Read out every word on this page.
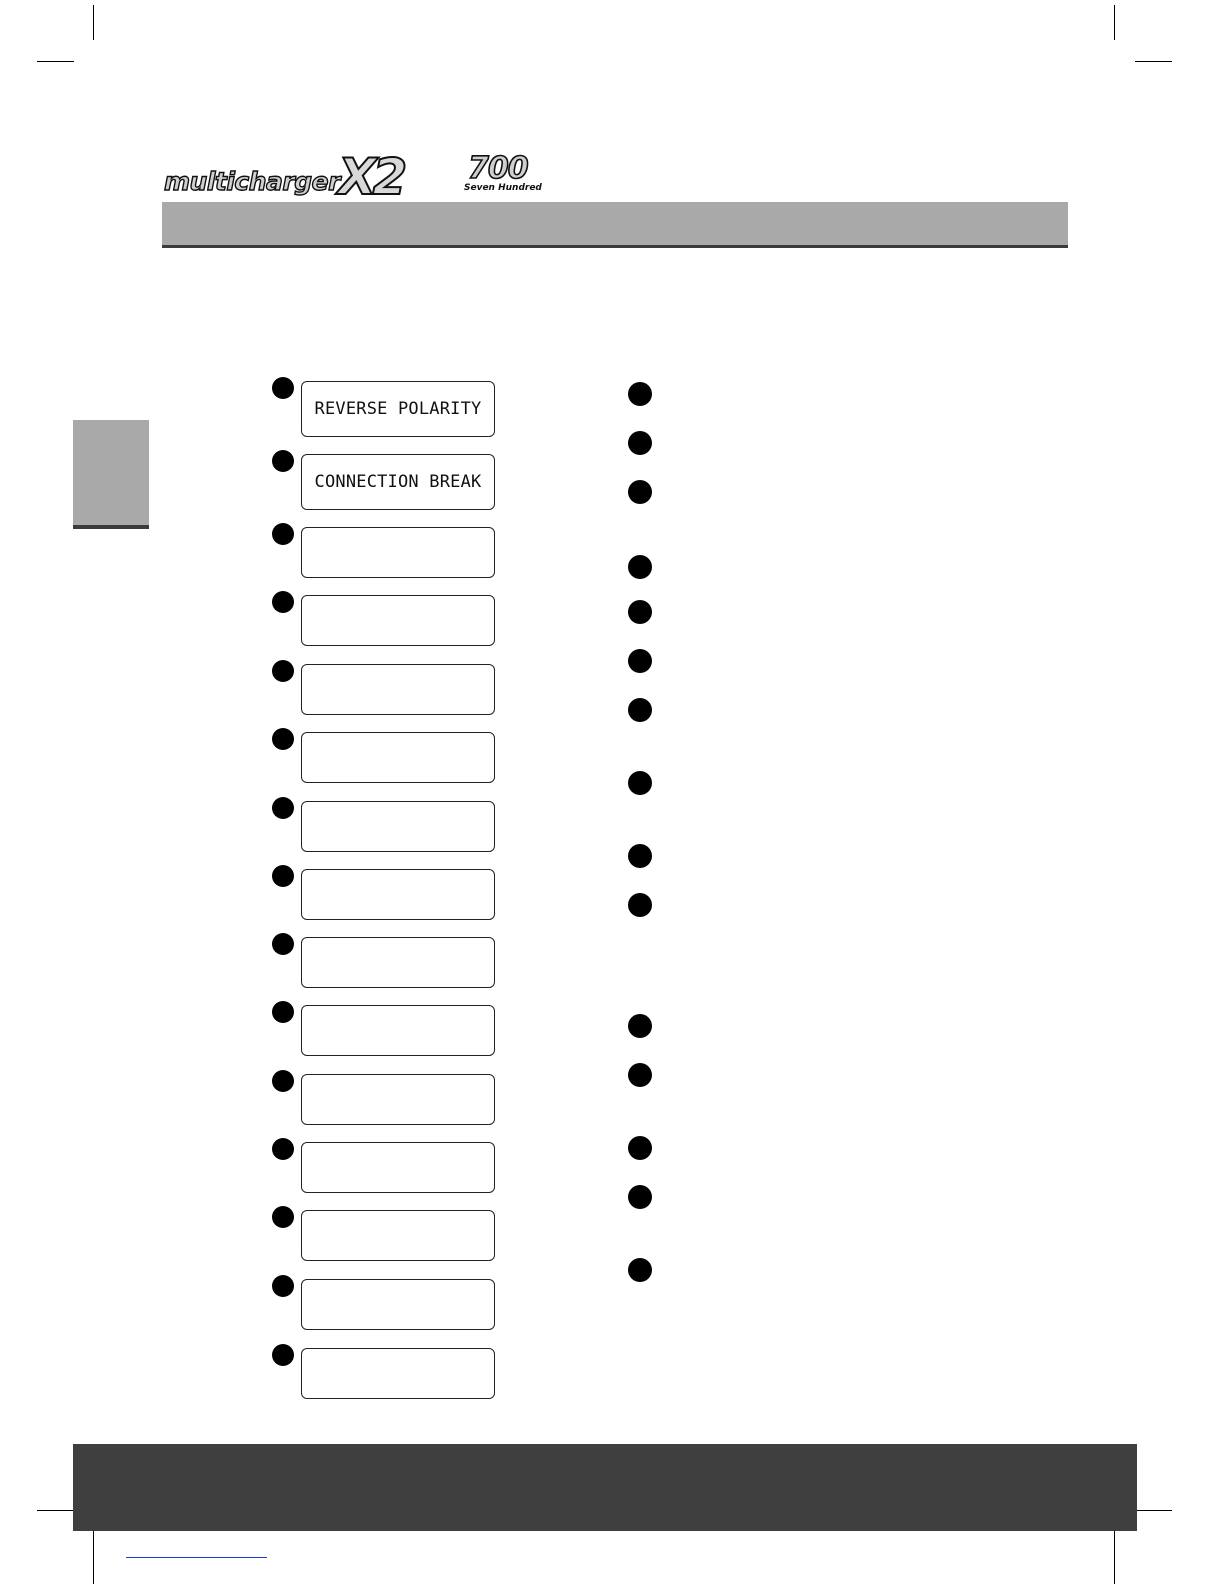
multicharger
X2 700
Seven Hundred
REVERSE POLARITY
CONNECTION BREAK
